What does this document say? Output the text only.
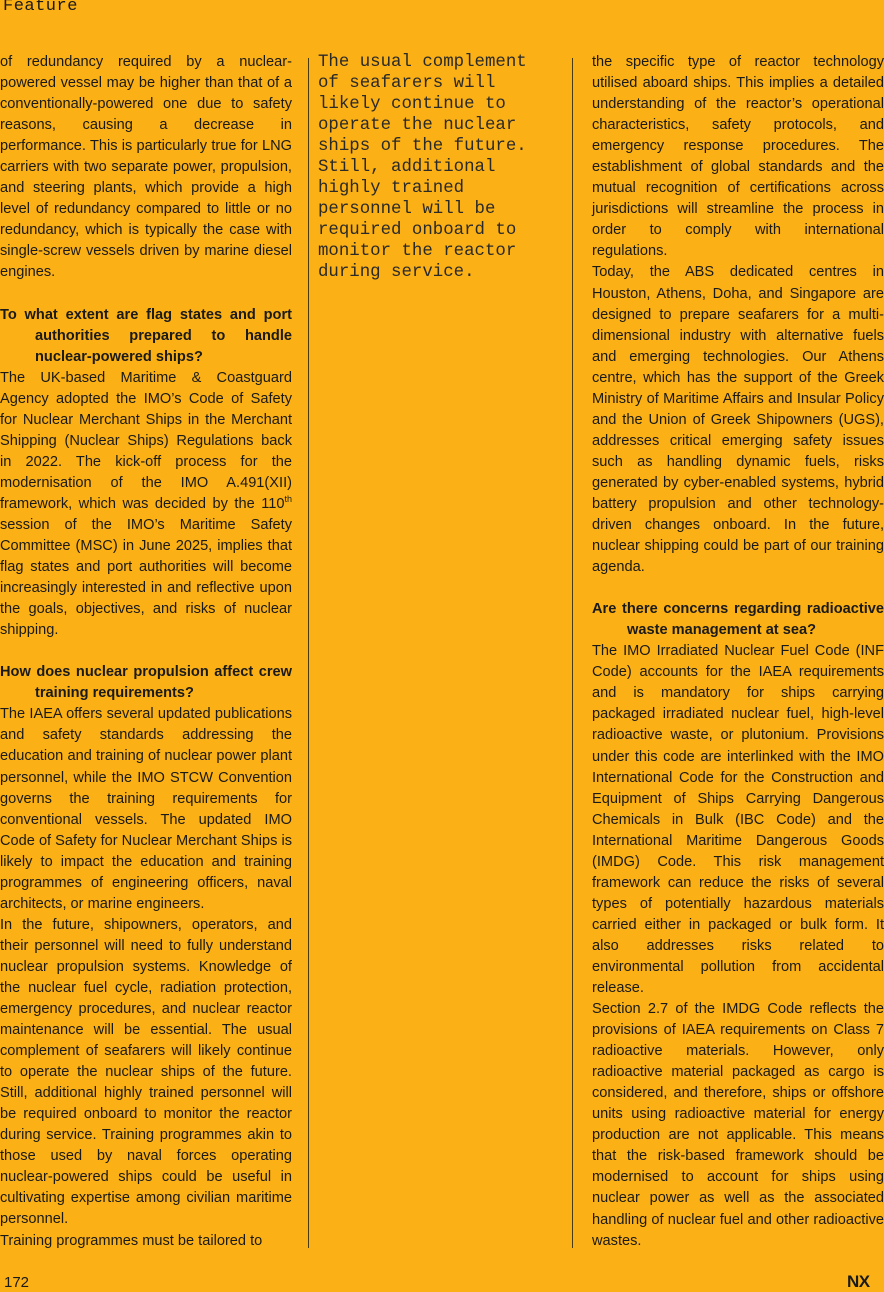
Feature

of redundancy required by a nuclear-powered vessel may be higher than that of a conventionally-powered one due to safety reasons, causing a decrease in performance. This is particularly true for LNG carriers with two separate power, propulsion, and steering plants, which provide a high level of redundancy compared to little or no redundancy, which is typically the case with single-screw vessels driven by marine diesel engines.

To what extent are flag states and port authorities prepared to handle nuclear-powered ships?

The UK-based Maritime & Coastguard Agency adopted the IMO’s Code of Safety for Nuclear Merchant Ships in the Merchant Shipping (Nuclear Ships) Regulations back in 2022. The kick-off process for the modernisation of the IMO A.491(XII) framework, which was decided by the 110th session of the IMO’s Maritime Safety Committee (MSC) in June 2025, implies that flag states and port authorities will become increasingly interested in and reflective upon the goals, objectives, and risks of nuclear shipping.

How does nuclear propulsion affect crew training requirements?

The IAEA offers several updated publications and safety standards addressing the education and training of nuclear power plant personnel, while the IMO STCW Convention governs the training requirements for conventional vessels. The updated IMO Code of Safety for Nuclear Merchant Ships is likely to impact the education and training programmes of engineering officers, naval architects, or marine engineers.

In the future, shipowners, operators, and their personnel will need to fully understand nuclear propulsion systems. Knowledge of the nuclear fuel cycle, radiation protection, emergency procedures, and nuclear reactor maintenance will be essential. The usual complement of seafarers will likely continue to operate the nuclear ships of the future. Still, additional highly trained personnel will be required onboard to monitor the reactor during service. Training programmes akin to those used by naval forces operating nuclear-powered ships could be useful in cultivating expertise among civilian maritime personnel.

Training programmes must be tailored to

The usual complement
of seafarers will
likely continue to
operate the nuclear
ships of the future.
Still, additional
highly trained
personnel will be
required onboard to
monitor the reactor
during service.

the specific type of reactor technology utilised aboard ships. This implies a detailed understanding of the reactor’s operational characteristics, safety protocols, and emergency response procedures. The establishment of global standards and the mutual recognition of certifications across jurisdictions will streamline the process in order to comply with international regulations.

Today, the ABS dedicated centres in Houston, Athens, Doha, and Singapore are designed to prepare seafarers for a multi-dimensional industry with alternative fuels and emerging technologies. Our Athens centre, which has the support of the Greek Ministry of Maritime Affairs and Insular Policy and the Union of Greek Shipowners (UGS), addresses critical emerging safety issues such as handling dynamic fuels, risks generated by cyber-enabled systems, hybrid battery propulsion and other technology-driven changes onboard. In the future, nuclear shipping could be part of our training agenda.

Are there concerns regarding radioactive waste management at sea?

The IMO Irradiated Nuclear Fuel Code (INF Code) accounts for the IAEA requirements and is mandatory for ships carrying packaged irradiated nuclear fuel, high-level radioactive waste, or plutonium. Provisions under this code are interlinked with the IMO International Code for the Construction and Equipment of Ships Carrying Dangerous Chemicals in Bulk (IBC Code) and the International Maritime Dangerous Goods (IMDG) Code. This risk management framework can reduce the risks of several types of potentially hazardous materials carried either in packaged or bulk form. It also addresses risks related to environmental pollution from accidental release.

Section 2.7 of the IMDG Code reflects the provisions of IAEA requirements on Class 7 radioactive materials. However, only radioactive material packaged as cargo is considered, and therefore, ships or offshore units using radioactive material for energy production are not applicable. This means that the risk-based framework should be modernised to account for ships using nuclear power as well as the associated handling of nuclear fuel and other radioactive wastes.

172	NX
